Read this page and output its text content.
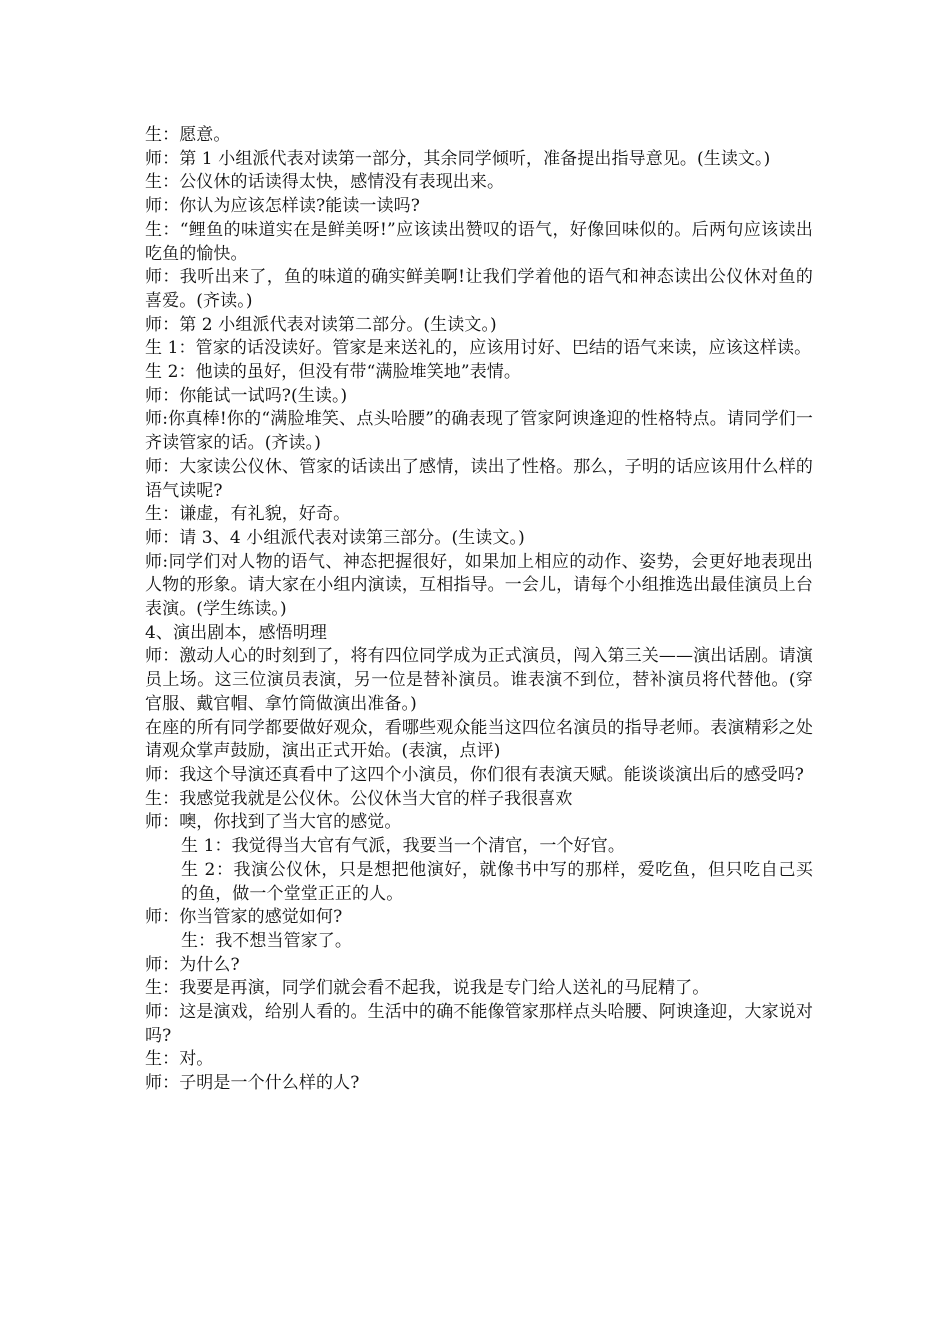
生：愿意。

师：第 1 小组派代表对读第一部分，其余同学倾听，准备提出指导意见。(生读文。)

生：公仪休的话读得太快，感情没有表现出来。

师：你认为应该怎样读?能读一读吗?

生：“鲤鱼的味道实在是鲜美呀!”应该读出赞叹的语气，好像回味似的。后两句应该读出吃鱼的愉快。

师：我听出来了，鱼的味道的确实鲜美啊!让我们学着他的语气和神态读出公仪休对鱼的喜爱。(齐读。)

师：第 2 小组派代表对读第二部分。(生读文。)

生 1：管家的话没读好。管家是来送礼的，应该用讨好、巴结的语气来读，应该这样读。

生 2：他读的虽好，但没有带“满脸堆笑地”表情。

师：你能试一试吗?(生读。)

师:你真棒!你的“满脸堆笑、点头哈腰”的确表现了管家阿谀逢迎的性格特点。请同学们一齐读管家的话。(齐读。)

师：大家读公仪休、管家的话读出了感情，读出了性格。那么，子明的话应该用什么样的语气读呢?

生：谦虚，有礼貌，好奇。

师：请 3、4 小组派代表对读第三部分。(生读文。)

师:同学们对人物的语气、神态把握很好，如果加上相应的动作、姿势，会更好地表现出人物的形象。请大家在小组内演读，互相指导。一会儿，请每个小组推选出最佳演员上台表演。(学生练读。)

4、演出剧本，感悟明理

师：激动人心的时刻到了，将有四位同学成为正式演员，闯入第三关——演出话剧。请演员上场。这三位演员表演，另一位是替补演员。谁表演不到位，替补演员将代替他。(穿官服、戴官帽、拿竹筒做演出准备。)

在座的所有同学都要做好观众，看哪些观众能当这四位名演员的指导老师。表演精彩之处请观众掌声鼓励，演出正式开始。(表演，点评)

师：我这个导演还真看中了这四个小演员，你们很有表演天赋。能谈谈演出后的感受吗?

生：我感觉我就是公仪休。公仪休当大官的样子我很喜欢

师：噢，你找到了当大官的感觉。

生 1：我觉得当大官有气派，我要当一个清官，一个好官。

生 2：我演公仪休，只是想把他演好，就像书中写的那样，爱吃鱼，但只吃自己买的鱼，做一个堂堂正正的人。

师：你当管家的感觉如何?

生：我不想当管家了。

师：为什么?

生：我要是再演，同学们就会看不起我，说我是专门给人送礼的马屁精了。

师：这是演戏，给别人看的。生活中的确不能像管家那样点头哈腰、阿谀逢迎，大家说对吗?

生：对。

师：子明是一个什么样的人?
